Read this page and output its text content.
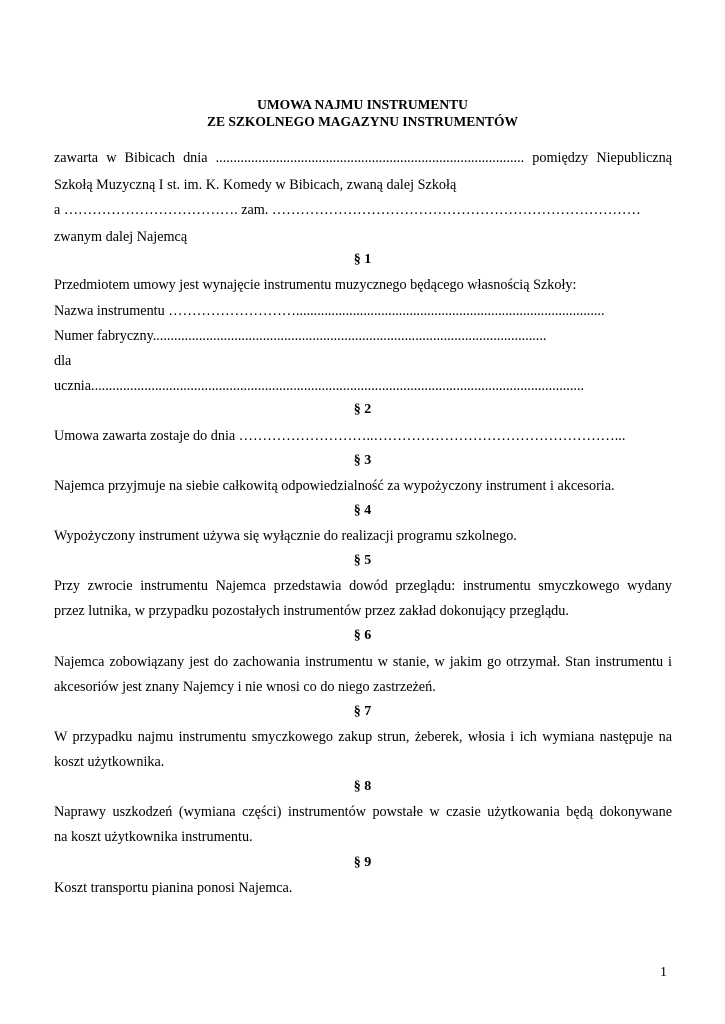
UMOWA NAJMU INSTRUMENTU
ZE SZKOLNEGO MAGAZYNU INSTRUMENTÓW
zawarta w Bibicach dnia ....................................................................................... pomiędzy Niepubliczną
Szkołą Muzyczną I st. im. K. Komedy w Bibicach, zwaną dalej Szkołą
a ………………………………. zam. ……………………………………………………………………
zwanym dalej Najemcą
§ 1
Przedmiotem umowy jest wynajęcie instrumentu muzycznego będącego własnością Szkoły:
Nazwa instrumentu ……………………….......................................................................................
Numer fabryczny...............................................................................................................
dla
ucznia...........................................................................................................................................
§ 2
Umowa zawarta zostaje do dnia ………………………..……………………………………………...
§ 3
Najemca przyjmuje na siebie całkowitą odpowiedzialność za wypożyczony instrument i akcesoria.
§ 4
Wypożyczony instrument używa się wyłącznie do realizacji programu szkolnego.
§ 5
Przy zwrocie instrumentu Najemca przedstawia dowód przeglądu: instrumentu smyczkowego wydany
przez lutnika, w przypadku pozostałych instrumentów przez zakład dokonujący przeglądu.
§ 6
Najemca zobowiązany jest do zachowania instrumentu w stanie, w jakim go otrzymał. Stan instrumentu i
akcesoriów jest znany Najemcy i nie wnosi co do niego zastrzeżeń.
§ 7
W przypadku najmu instrumentu smyczkowego zakup strun, żeberek, włosia i ich wymiana następuje na
koszt użytkownika.
§ 8
Naprawy uszkodzeń (wymiana części) instrumentów powstałe w czasie użytkowania będą dokonywane
na koszt użytkownika instrumentu.
§ 9
Koszt transportu pianina ponosi Najemca.
1
